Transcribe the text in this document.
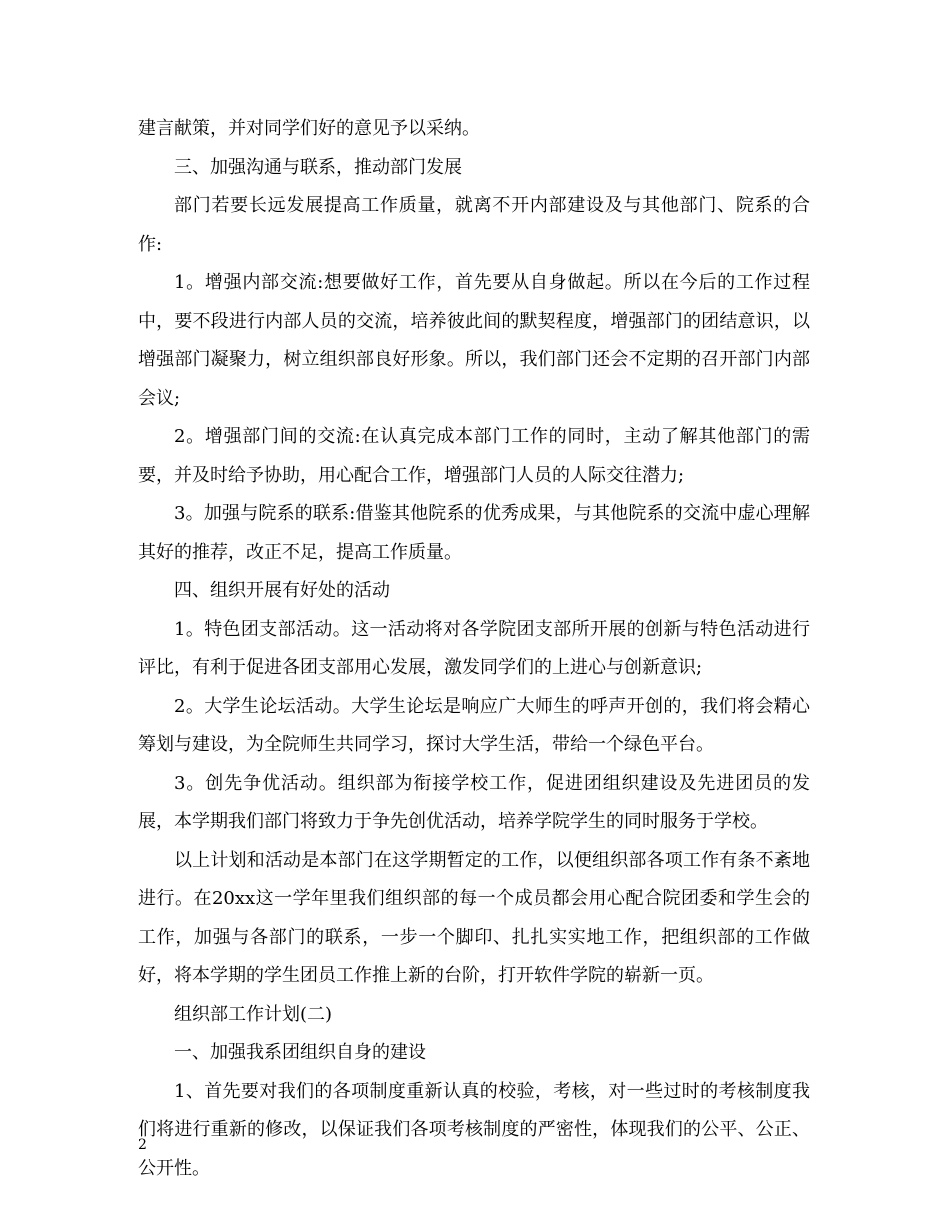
建言献策，并对同学们好的意见予以采纳。

三、加强沟通与联系，推动部门发展

部门若要长远发展提高工作质量，就离不开内部建设及与其他部门、院系的合作:

1。增强内部交流:想要做好工作，首先要从自身做起。所以在今后的工作过程中，要不段进行内部人员的交流，培养彼此间的默契程度，增强部门的团结意识，以增强部门凝聚力，树立组织部良好形象。所以，我们部门还会不定期的召开部门内部会议;

2。增强部门间的交流:在认真完成本部门工作的同时，主动了解其他部门的需要，并及时给予协助，用心配合工作，增强部门人员的人际交往潜力;

3。加强与院系的联系:借鉴其他院系的优秀成果，与其他院系的交流中虚心理解其好的推荐，改正不足，提高工作质量。

四、组织开展有好处的活动

1。特色团支部活动。这一活动将对各学院团支部所开展的创新与特色活动进行评比，有利于促进各团支部用心发展，激发同学们的上进心与创新意识;

2。大学生论坛活动。大学生论坛是响应广大师生的呼声开创的，我们将会精心筹划与建设，为全院师生共同学习，探讨大学生活，带给一个绿色平台。

3。创先争优活动。组织部为衔接学校工作，促进团组织建设及先进团员的发展，本学期我们部门将致力于争先创优活动，培养学院学生的同时服务于学校。

以上计划和活动是本部门在这学期暂定的工作，以便组织部各项工作有条不紊地进行。在20xx这一学年里我们组织部的每一个成员都会用心配合院团委和学生会的工作，加强与各部门的联系，一步一个脚印、扎扎实实地工作，把组织部的工作做好，将本学期的学生团员工作推上新的台阶，打开软件学院的崭新一页。

组织部工作计划(二)

一、加强我系团组织自身的建设

1、首先要对我们的各项制度重新认真的校验，考核，对一些过时的考核制度我们将进行重新的修改，以保证我们各项考核制度的严密性，体现我们的公平、公正、公开性。

2
